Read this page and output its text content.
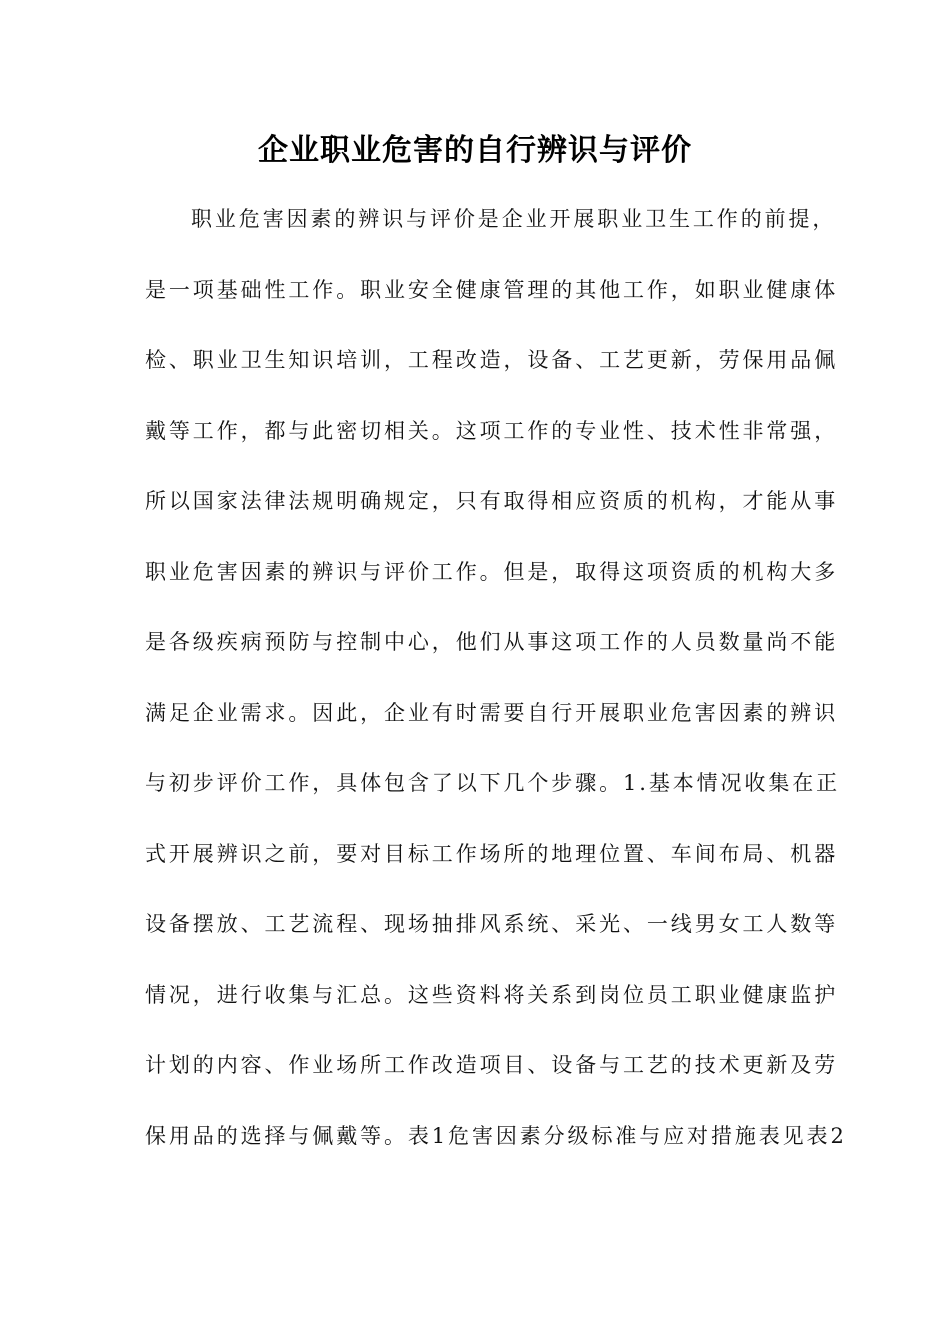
企业职业危害的自行辨识与评价
职业危害因素的辨识与评价是企业开展职业卫生工作的前提，
是一项基础性工作。职业安全健康管理的其他工作，如职业健康体
检、职业卫生知识培训，工程改造，设备、工艺更新，劳保用品佩
戴等工作，都与此密切相关。这项工作的专业性、技术性非常强，
所以国家法律法规明确规定，只有取得相应资质的机构，才能从事
职业危害因素的辨识与评价工作。但是，取得这项资质的机构大多
是各级疾病预防与控制中心，他们从事这项工作的人员数量尚不能
满足企业需求。因此，企业有时需要自行开展职业危害因素的辨识
与初步评价工作，具体包含了以下几个步骤。1.基本情况收集在正
式开展辨识之前，要对目标工作场所的地理位置、车间布局、机器
设备摆放、工艺流程、现场抽排风系统、采光、一线男女工人数等
情况，进行收集与汇总。这些资料将关系到岗位员工职业健康监护
计划的内容、作业场所工作改造项目、设备与工艺的技术更新及劳
保用品的选择与佩戴等。表1危害因素分级标准与应对措施表见表2
